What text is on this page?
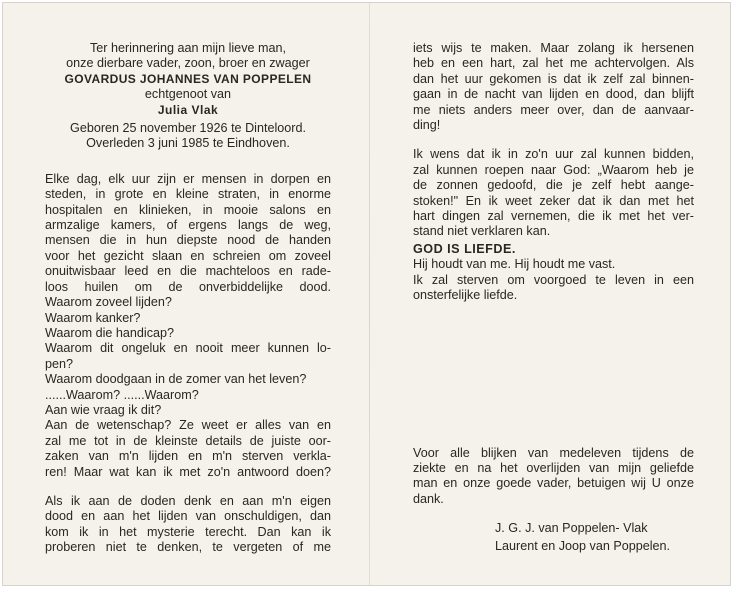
Ter herinnering aan mijn lieve man,
onze dierbare vader, zoon, broer en zwager
GOVARDUS JOHANNES VAN POPPELEN
echtgenoot van
Julia Vlak
Geboren 25 november 1926 te Dinteloord.
Overleden 3 juni 1985 te Eindhoven.
Elke dag, elk uur zijn er mensen in dorpen en
steden, in grote en kleine straten, in enorme
hospitalen en klinieken, in mooie salons en
armzalige kamers, of ergens langs de weg,
mensen die in hun diepste nood de handen
voor het gezicht slaan en schreien om zoveel
onuitwisbaar leed en die machteloos en rade-
loos huilen om de onverbiddelijke dood.
Waarom zoveel lijden?
Waarom kanker?
Waarom die handicap?
Waarom dit ongeluk en nooit meer kunnen lo-
pen?
Waarom doodgaan in de zomer van het leven?
......Waarom? ......Waarom?
Aan wie vraag ik dit?
Aan de wetenschap? Ze weet er alles van en
zal me tot in de kleinste details de juiste oor-
zaken van m'n lijden en m'n sterven verkla-
ren! Maar wat kan ik met zo'n antwoord doen?
Als ik aan de doden denk en aan m'n eigen
dood en aan het lijden van onschuldigen, dan
kom ik in het mysterie terecht. Dan kan ik
proberen niet te denken, te vergeten of me
iets wijs te maken. Maar zolang ik hersenen
heb en een hart, zal het me achtervolgen. Als
dan het uur gekomen is dat ik zelf zal binnen-
gaan in de nacht van lijden en dood, dan blijft
me niets anders meer over, dan de aanvaar-
ding!
Ik wens dat ik in zo'n uur zal kunnen bidden,
zal kunnen roepen naar God: „Waarom heb je
de zonnen gedoofd, die je zelf hebt aange-
stoken!" En ik weet zeker dat ik dan met het
hart dingen zal vernemen, die ik met het ver-
stand niet verklaren kan.
GOD IS LIEFDE.
Hij houdt van me. Hij houdt me vast.
Ik zal sterven om voorgoed te leven in een
onsterfelijke liefde.
Voor alle blijken van medeleven tijdens de
ziekte en na het overlijden van mijn geliefde
man en onze goede vader, betuigen wij U onze
dank.
J. G. J. van Poppelen- Vlak
Laurent en Joop van Poppelen.
